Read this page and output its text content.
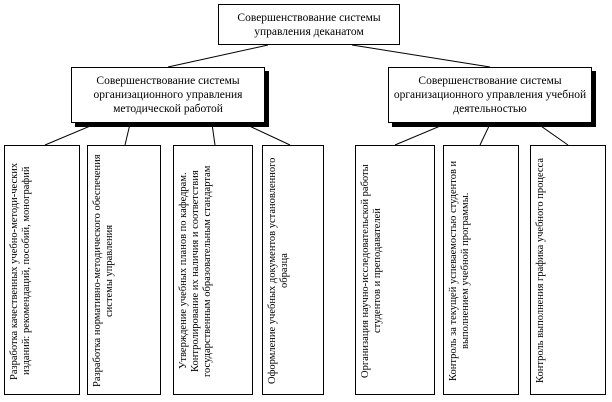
Совершенствование системы управления деканатом
Совершенствование системы организационного управления методической работой
Совершенствование системы организационного управления учебной деятельностью
Разработка качественных учебно-методи-ческих изданий: рекомендаций, пособий, монографий	Разработка нормативно-методического обеспечения системы управления	Утверждение учебных планов по кафедрам. Контролирование их наличия и соответствия государственным образовательным стандартам	Оформление учебных документов установленного образца	Организация научно-исследовательской работы студентов и преподавателей	Контроль за текущей успеваемостью студентов и выполнением учебной программы.	Контроль выполнения графика учебного процесса
